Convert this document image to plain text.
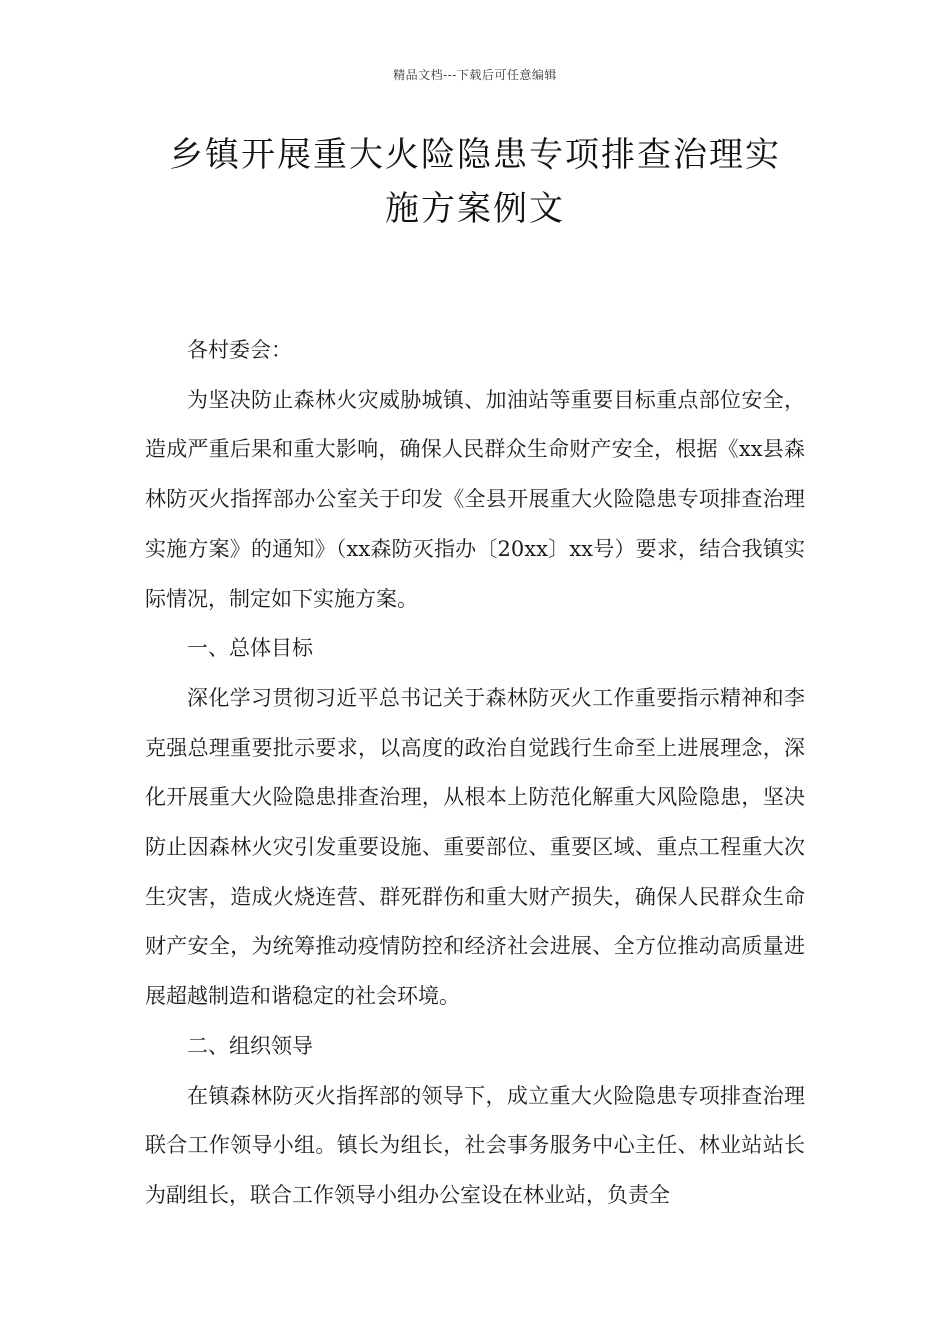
精品文档---下载后可任意编辑
乡镇开展重大火险隐患专项排查治理实
施方案例文

各村委会：

为坚决防止森林火灾威胁城镇、加油站等重要目标重点部位安全，造成严重后果和重大影响，确保人民群众生命财产安全，根据《xx县森林防灭火指挥部办公室关于印发《全县开展重大火险隐患专项排查治理实施方案》的通知》（xx森防灭指办〔20xx〕xx号）要求，结合我镇实际情况，制定如下实施方案。

一、总体目标

深化学习贯彻习近平总书记关于森林防灭火工作重要指示精神和李克强总理重要批示要求，以高度的政治自觉践行生命至上进展理念，深化开展重大火险隐患排查治理，从根本上防范化解重大风险隐患，坚决防止因森林火灾引发重要设施、重要部位、重要区域、重点工程重大次生灾害，造成火烧连营、群死群伤和重大财产损失，确保人民群众生命财产安全，为统筹推动疫情防控和经济社会进展、全方位推动高质量进展超越制造和谐稳定的社会环境。

二、组织领导

在镇森林防灭火指挥部的领导下，成立重大火险隐患专项排查治理联合工作领导小组。镇长为组长，社会事务服务中心主任、林业站站长为副组长，联合工作领导小组办公室设在林业站，负责全
